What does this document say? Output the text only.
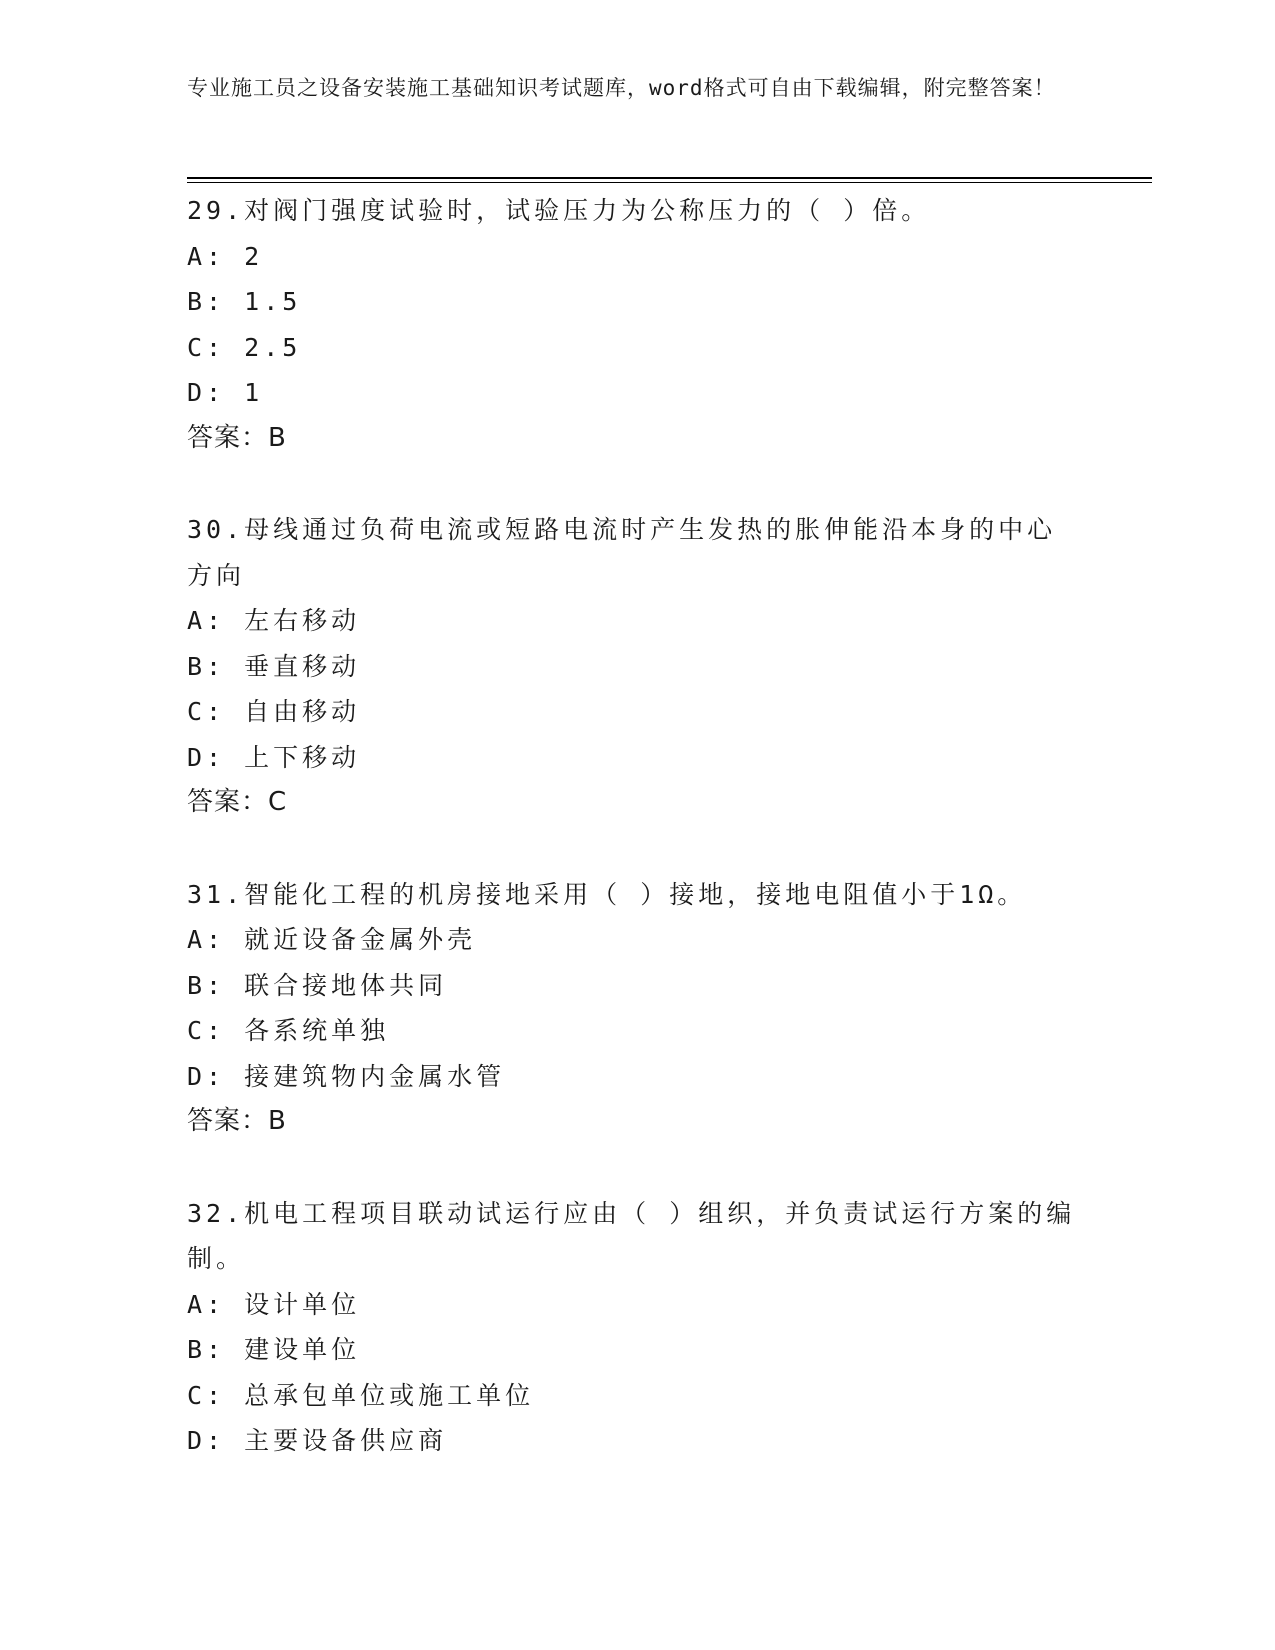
专业施工员之设备安装施工基础知识考试题库，word格式可自由下载编辑，附完整答案！
29.对阀门强度试验时，试验压力为公称压力的（ ）倍。
A: 2
B: 1.5
C: 2.5
D: 1
答案：B
30.母线通过负荷电流或短路电流时产生发热的胀伸能沿本身的中心方向
A: 左右移动
B: 垂直移动
C: 自由移动
D: 上下移动
答案：C
31.智能化工程的机房接地采用（ ）接地，接地电阻值小于1Ω。
A: 就近设备金属外壳
B: 联合接地体共同
C: 各系统单独
D: 接建筑物内金属水管
答案：B
32.机电工程项目联动试运行应由（ ）组织，并负责试运行方案的编制。
A: 设计单位
B: 建设单位
C: 总承包单位或施工单位
D: 主要设备供应商
